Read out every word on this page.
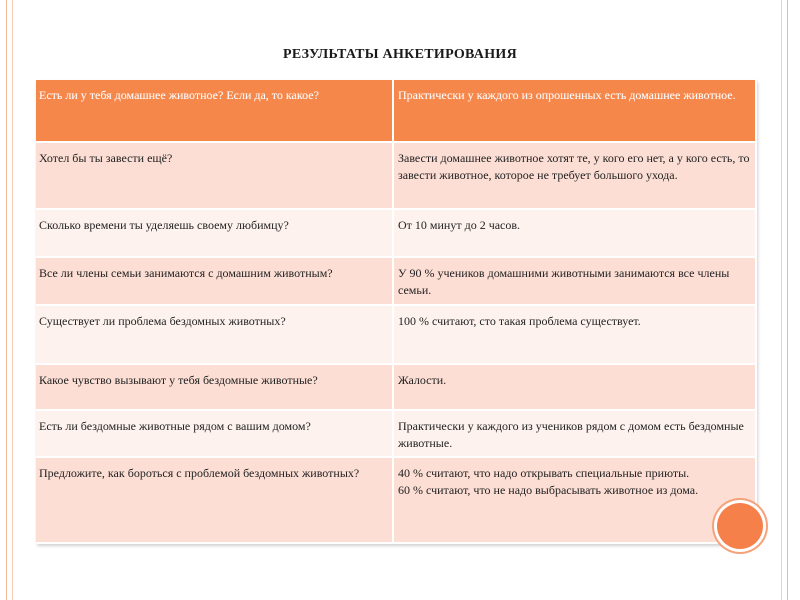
РЕЗУЛЬТАТЫ АНКЕТИРОВАНИЯ
Есть ли у тебя домашнее животное? Если да, то какое?	Практически у каждого из опрошенных есть домашнее животное.

Хотел бы ты завести ещё?	Завести домашнее животное хотят те, у кого его нет, а у кого есть, то завести животное, которое не требует большого ухода.

Сколько времени ты уделяешь своему любимцу?	От 10 минут до 2 часов.

Все ли члены семьи занимаются с домашним животным?	У 90 % учеников домашними животными занимаются все члены семьи.

Существует ли проблема бездомных животных?	100 % считают, сто такая проблема существует.

Какое чувство вызывают у тебя бездомные животные?	Жалости.

Есть ли бездомные животные рядом с вашим домом?	Практически у каждого из учеников рядом с домом есть бездомные животные.

Предложите, как бороться с проблемой бездомных животных?	40 % считают, что надо открывать специальные приюты.
60 % считают, что не надо выбрасывать животное из дома.
